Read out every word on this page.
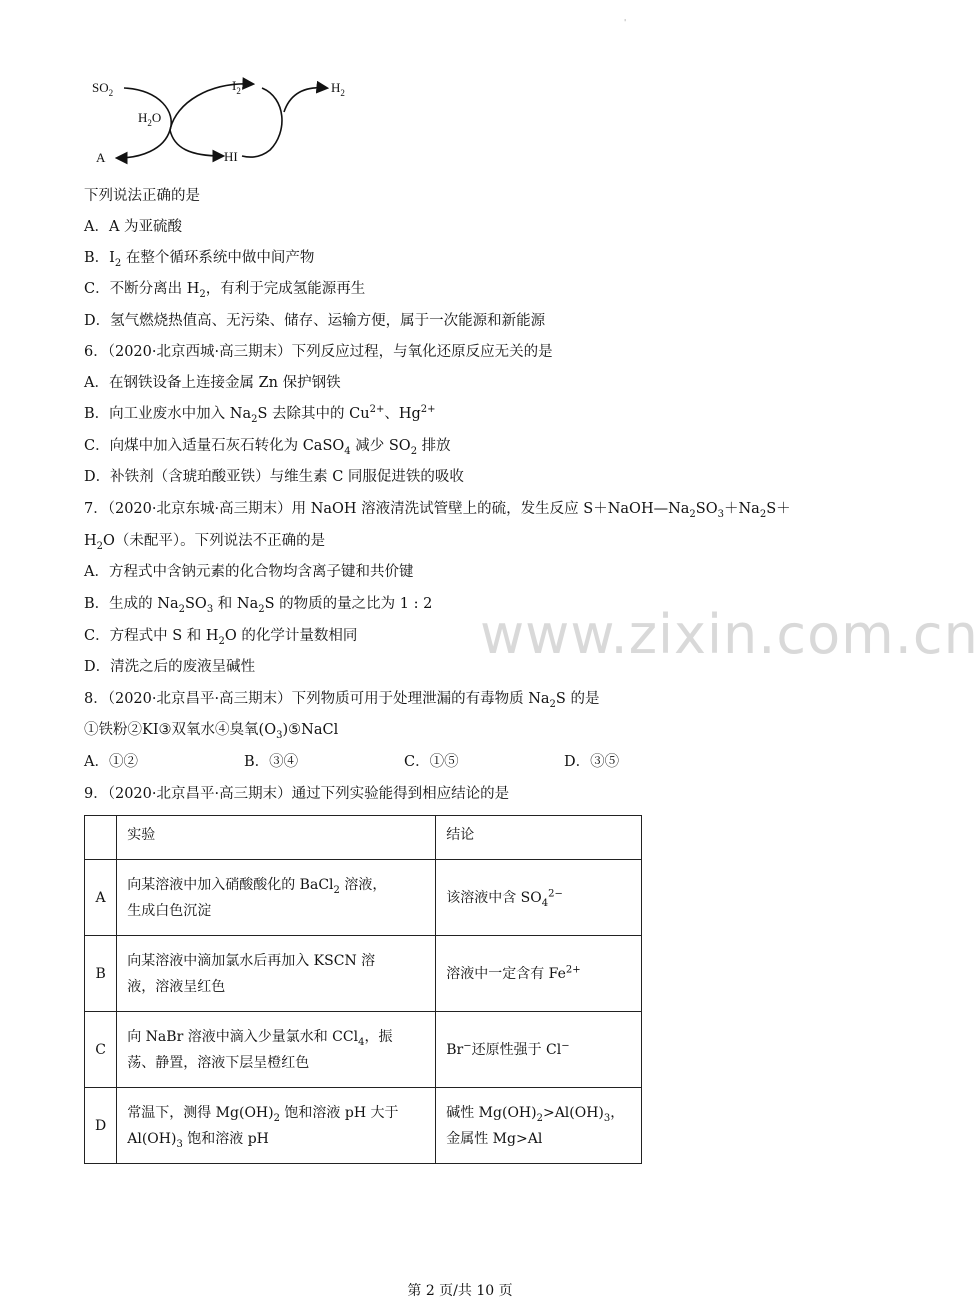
'
$SO_2$
$H_2O$
A
$I_2$
HI
$H_2$
下列说法正确的是
A．A 为亚硫酸
B．$I_2$ 在整个循环系统中做中间产物
C．不断分离出 $H_2$，有利于完成氢能源再生
D．氢气燃烧热值高、无污染、储存、运输方便，属于一次能源和新能源
6．（2020·北京西城·高三期末）下列反应过程，与氧化还原反应无关的是
A．在钢铁设备上连接金属 Zn 保护钢铁
B．向工业废水中加入 $Na_2S$ 去除其中的 $Cu^{2+}$、$Hg^{2+}$
C．向煤中加入适量石灰石转化为 CaSO$_4$ 减少 $SO_2$ 排放
D．补铁剂（含琥珀酸亚铁）与维生素 C 同服促进铁的吸收
7．（2020·北京东城·高三期末）用 NaOH 溶液清洗试管壁上的硫，发生反应 $S+NaOH—Na_2SO_3+Na_2S+$
$H_2O$（未配平）。下列说法不正确的是
A．方程式中含钠元素的化合物均含离子键和共价键
B．生成的 $Na_2SO_3$ 和 $Na_2S$ 的物质的量之比为 1 : 2
C．方程式中 S 和 $H_2O$ 的化学计量数相同
D．清洗之后的废液呈碱性
8．（2020·北京昌平·高三期末）下列物质可用于处理泄漏的有毒物质 $Na_2S$ 的是
①铁粉②KI③双氧水④臭氧$(O_3)⑤NaCl$
A．①②	B．③④	C．①⑤	D．③⑤
9．（2020·北京昌平·高三期末）通过下列实验能得到相应结论的是
	实验	结论
A	向某溶液中加入硝酸酸化的 BaCl$_2$ 溶液，
生成白色沉淀	该溶液中含 $SO_4^{2-}$
B	向某溶液中滴加氯水后再加入 KSCN 溶
液，溶液呈红色	溶液中一定含有 $Fe^{2+}$
C	向 NaBr 溶液中滴入少量氯水和 CCl$_4$，振
荡、静置，溶液下层呈橙红色	Br−还原性强于 Cl−
D	常温下，测得 $Mg(OH)_2$ 饱和溶液 pH 大于
$Al(OH)_3$ 饱和溶液 pH	碱性 $Mg(OH)_2>Al(OH)_3$，
金属性 Mg>Al
www.zixin.com.cn
第 2 页/共 10 页
